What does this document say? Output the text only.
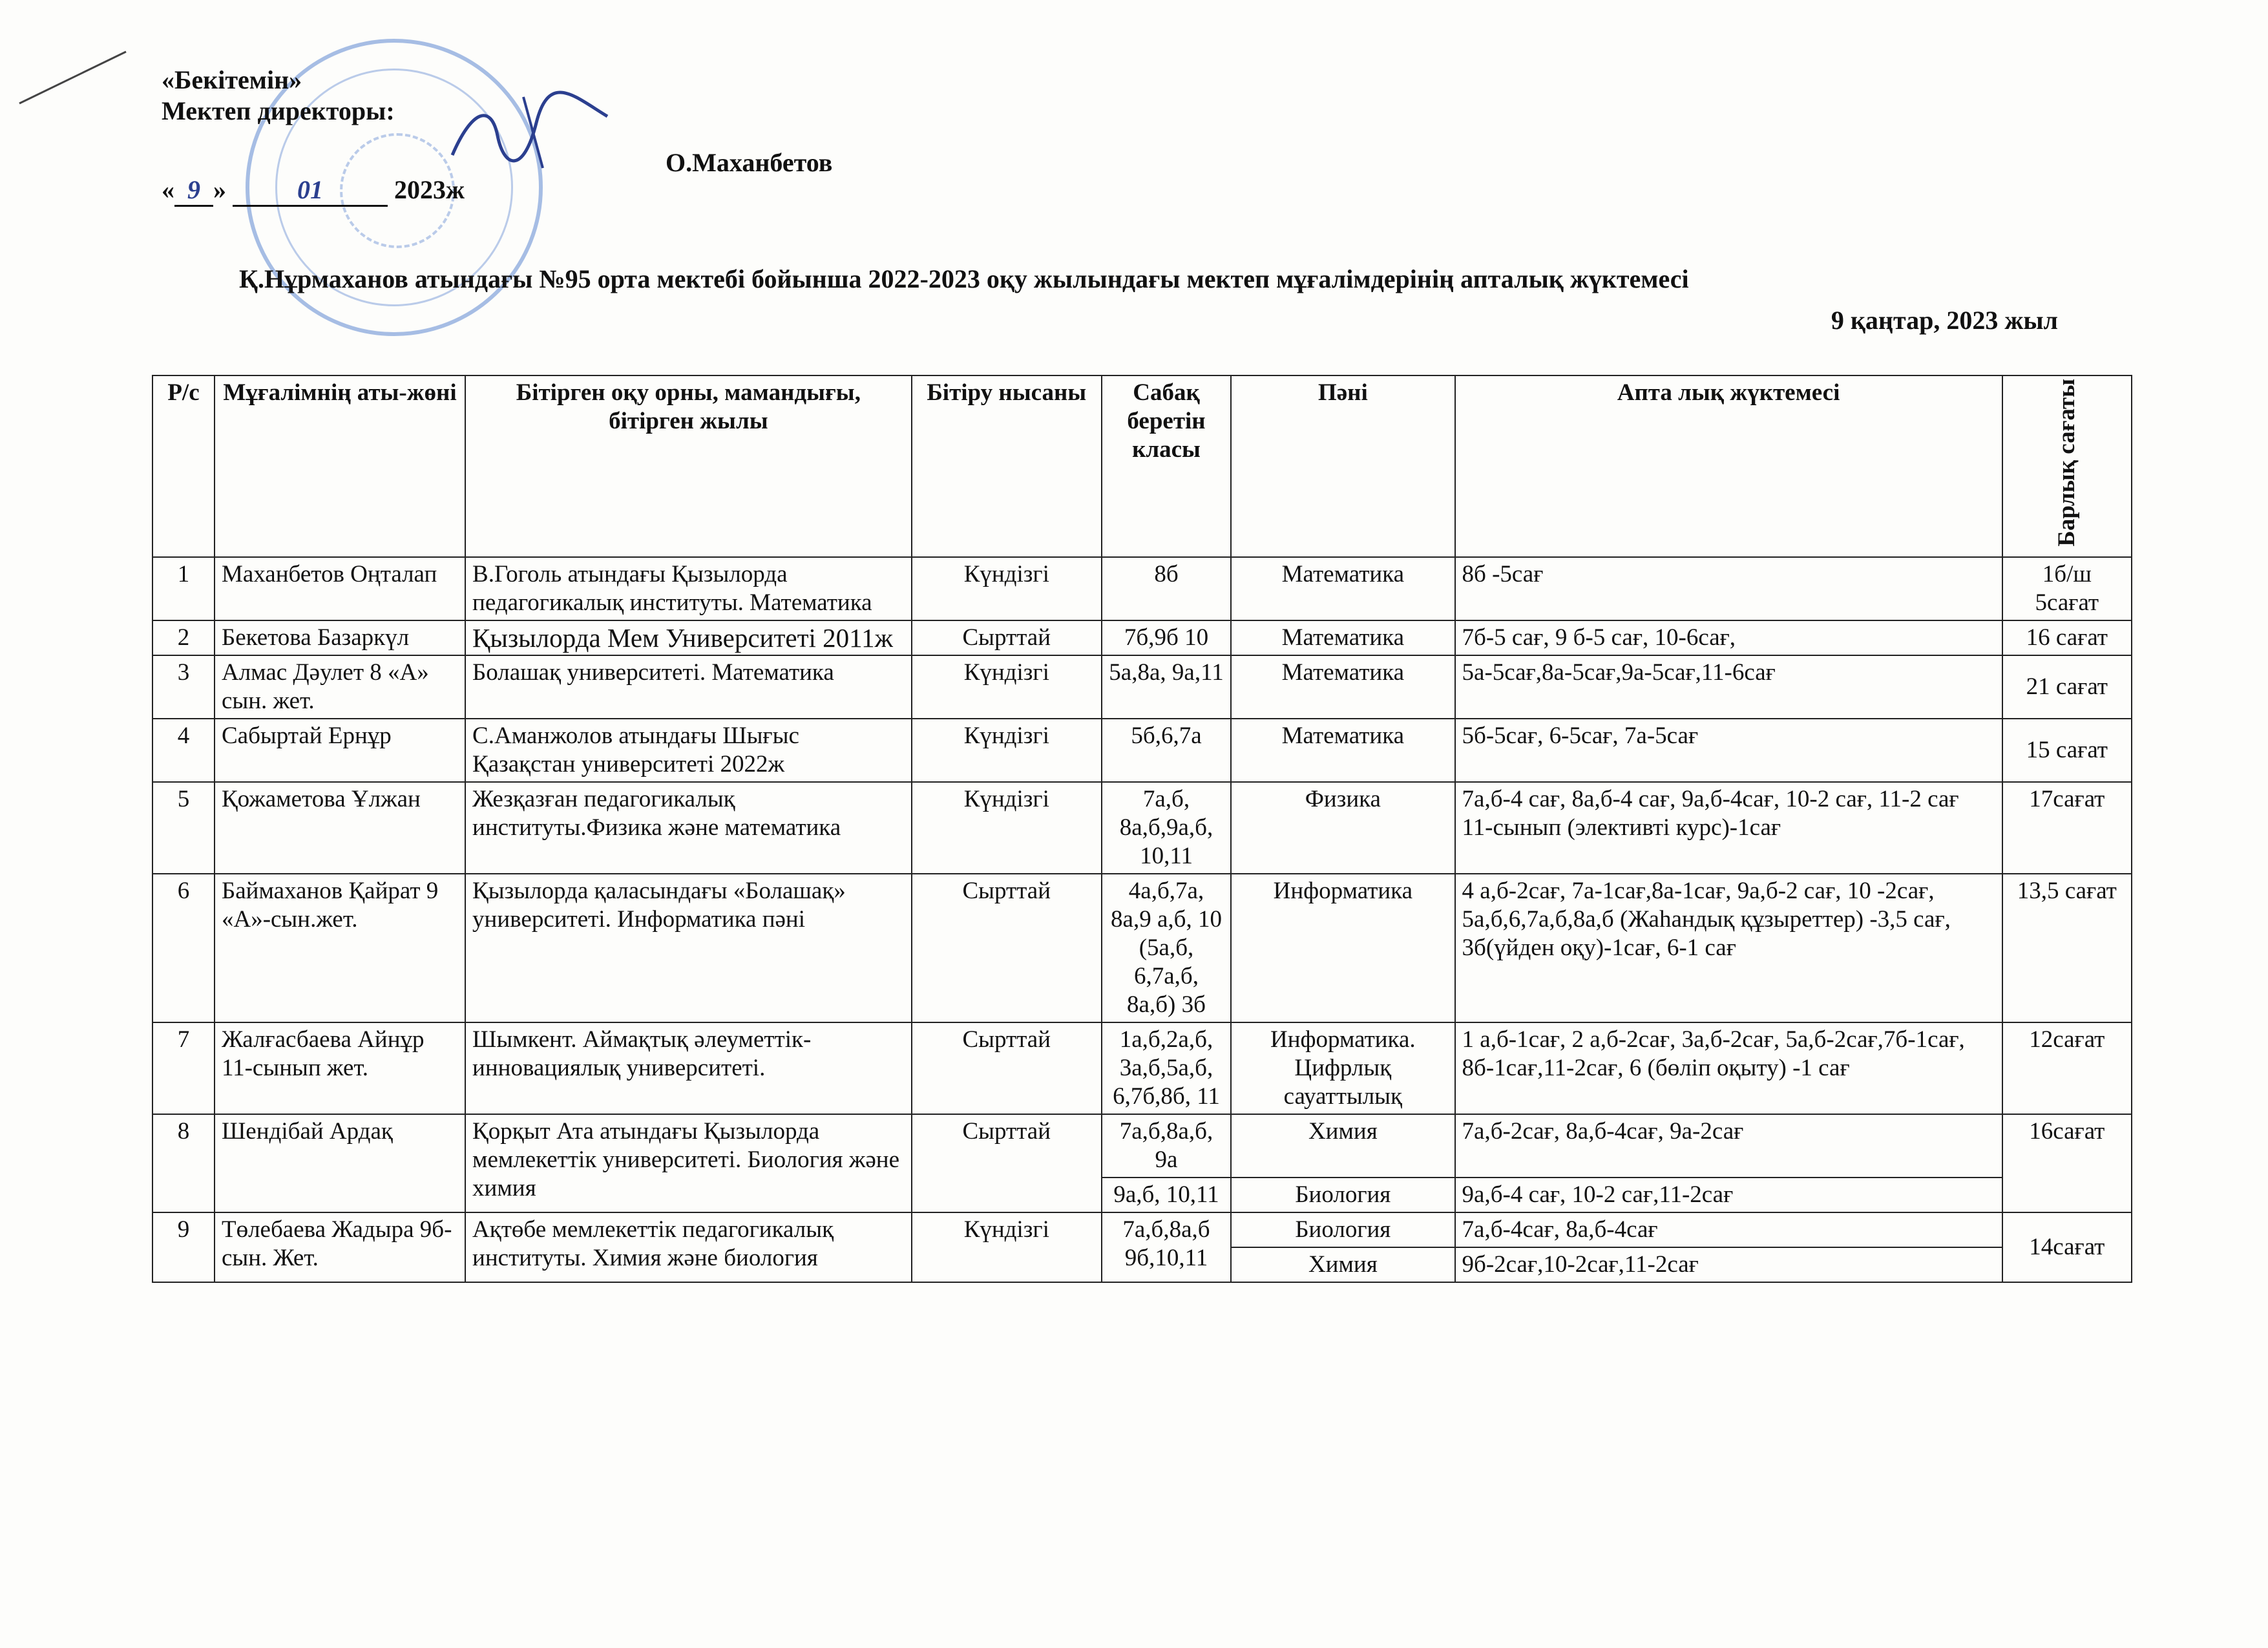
«Бекітемін»
Мектеп директоры:
О.Маханбетов
« 9 »	01	2023ж
Қ.Нұрмаханов атындағы №95 орта мектебі бойынша 2022-2023 оқу жылындағы мектеп мұғалімдерінің апталық жүктемесі
9 қаңтар, 2023 жыл
Р/с	Мұғалімнің аты-жөні	Бітірген оқу орны, мамандығы, бітірген жылы	Бітіру нысаны	Сабақ беретін класы	Пәні	Апта лық жүктемесі	Барлық сағаты
1	Маханбетов Оңталап	В.Гоголь атындағы Қызылорда педагогикалық институты. Математика	Күндізгі	8б	Математика	8б -5сағ	1б/ш 5сағат
2	Бекетова Базаркүл	Қызылорда Мем Университеті 2011ж	Сырттай	7б,9б 10	Математика	7б-5 сағ, 9 б-5 сағ, 10-6сағ,	16 сағат
3	Алмас Дәулет 8 «А» сын. жет.	Болашақ университеті. Математика	Күндізгі	5а,8а, 9а,11	Математика	5а-5сағ,8а-5сағ,9а-5сағ,11-6сағ	21 сағат
4	Сабыртай Ернұр	С.Аманжолов атындағы Шығыс Қазақстан университеті 2022ж	Күндізгі	5б,6,7а	Математика	5б-5сағ, 6-5сағ, 7а-5сағ	15 сағат
5	Қожаметова Ұлжан	Жезқазған педагогикалық институты.Физика және математика	Күндізгі	7а,б, 8а,б,9а,б, 10,11	Физика	7а,б-4 сағ, 8а,б-4 сағ, 9а,б-4сағ, 10-2 сағ, 11-2 сағ 11-сынып (элективті курс)-1сағ	17сағат
6	Баймаханов Қайрат 9 «А»-сын.жет.	Қызылорда қаласындағы «Болашақ» университеті. Информатика пәні	Сырттай	4а,б,7а, 8а,9 а,б, 10 (5а,б, 6,7а,б, 8а,б) 3б	Информатика	4 а,б-2сағ, 7а-1сағ,8а-1сағ, 9а,б-2 сағ, 10 -2сағ, 5а,б,6,7а,б,8а,б (Жаһандық құзыреттер) -3,5 сағ, 3б(үйден оқу)-1сағ, 6-1 сағ	13,5 сағат
7	Жалғасбаева Айнұр 11-сынып жет.	Шымкент. Аймақтық әлеуметтік-инновациялық университеті.	Сырттай	1а,б,2а,б, 3а,б,5а,б, 6,7б,8б, 11	Информатика. Цифрлық сауаттылық	1 а,б-1сағ, 2 а,б-2сағ, 3а,б-2сағ, 5а,б-2сағ,7б-1сағ, 8б-1сағ,11-2сағ, 6 (бөліп оқыту) -1 сағ	12сағат
8	Шендібай Ардақ	Қорқыт Ата атындағы Қызылорда мемлекеттік университеті. Биология және химия	Сырттай	7а,б,8а,б, 9а	Химия	7а,б-2сағ, 8а,б-4сағ, 9а-2сағ	16сағат
				9а,б, 10,11	Биология	9а,б-4 сағ, 10-2 сағ,11-2сағ	
9	Төлебаева Жадыра 9б-сын. Жет.	Ақтөбе мемлекеттік педагогикалық институты. Химия және биология	Күндізгі	7а,б,8а,б 9б,10,11	Биология	7а,б-4сағ, 8а,б-4сағ	14сағат
					Химия	9б-2сағ,10-2сағ,11-2сағ	
